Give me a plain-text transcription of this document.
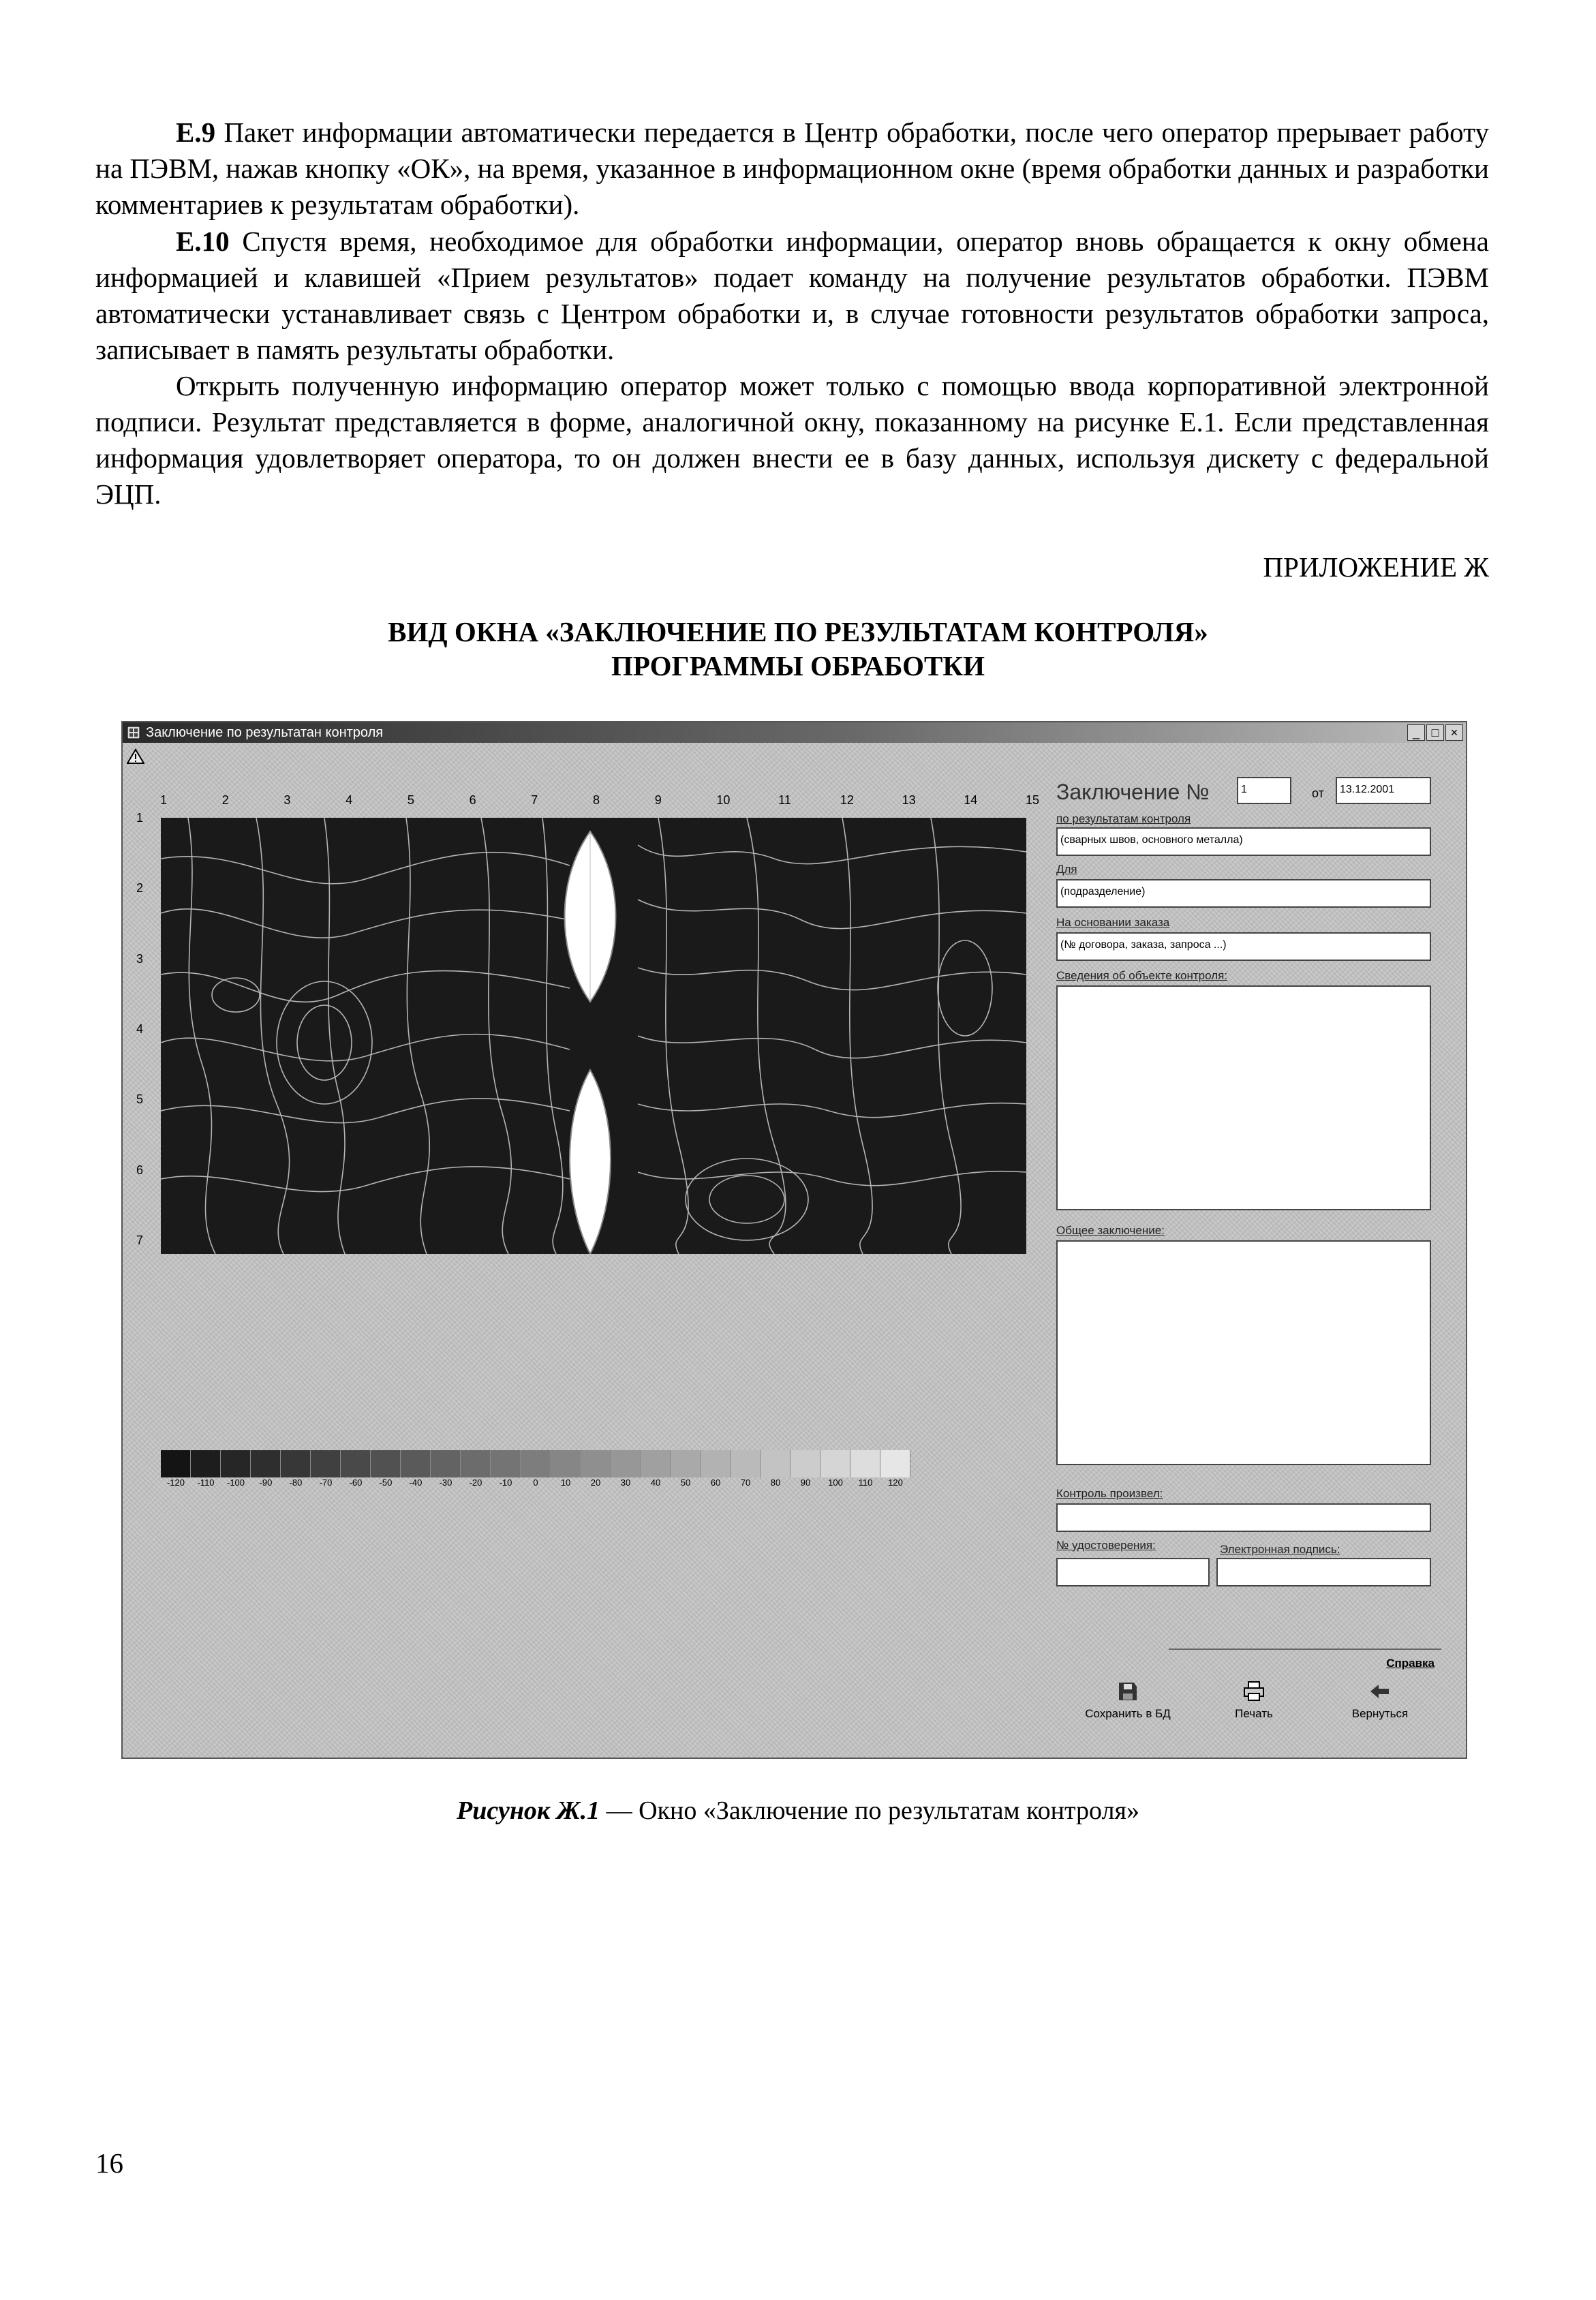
Е.9 Пакет информации автоматически передается в Центр обработки, после чего оператор прерывает работу на ПЭВМ, нажав кнопку «ОК», на время, указанное в информационном окне (время обработки данных и разработки комментариев к результатам обработки).

Е.10 Спустя время, необходимое для обработки информации, оператор вновь обращается к окну обмена информацией и клавишей «Прием результатов» подает команду на получение результатов обработки. ПЭВМ автоматически устанавливает связь с Центром обработки и, в случае готовности результатов обработки запроса, записывает в память результаты обработки.

Открыть полученную информацию оператор может только с помощью ввода корпоративной электронной подписи. Результат представляется в форме, аналогичной окну, показанному на рисунке Е.1. Если представленная информация удовлетворяет оператора, то он должен внести ее в базу данных, используя дискету с федеральной ЭЦП.

ПРИЛОЖЕНИЕ Ж
ВИД ОКНА «ЗАКЛЮЧЕНИЕ ПО РЕЗУЛЬТАТАМ КОНТРОЛЯ»
ПРОГРАММЫ ОБРАБОТКИ
Заключение по результатан контроля	_ □ ×
1	2	3	4	5	6	7	8	9	10	11	12	13	14	15
1
2
3
4
5
6
7
-120	-110	-100	-90	-80	-70	-60	-50	-40	-30	-20	-10	0	10	20	30	40	50	60	70	80	90	100	110	120
Заключение №	1	от	13.12.2001
по результатам контроля
(сварных швов, основного металла)
Для
(подразделение)
На основании заказа
(№ договора, заказа, запроса ...)
Сведения об объекте контроля:
Общее заключение:
Контроль произвел:
№ удостоверения:	Электронная подпись:
Справка
Сохранить в БД	Печать	Вернуться
Рисунок Ж.1 — Окно «Заключение по результатам контроля»
16
